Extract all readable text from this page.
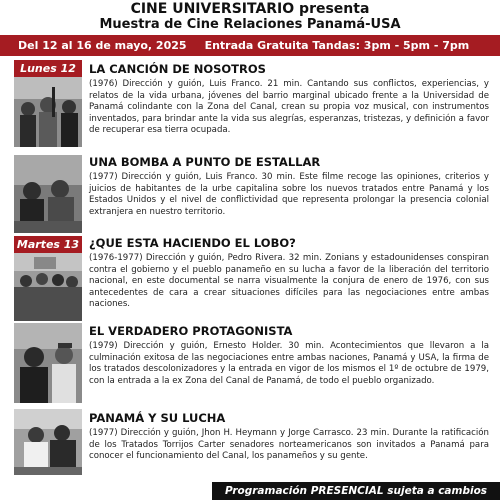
CINE UNIVERSITARIO presenta
Muestra de Cine Relaciones Panamá-USA
Del 12 al 16 de mayo, 2025 Entrada Gratuita Tandas: 3pm - 5pm - 7pm
Lunes 12	LA CANCIÓN DE NOSOTROS
(1976) Dirección y guión, Luis Franco. 21 min. Cantando sus conflictos, experiencias, y relatos de la vida urbana, jóvenes del barrio marginal ubicado frente a la Universidad de Panamá colindante con la Zona del Canal, crean su propia voz musical, con instrumentos inventados, para brindar ante la vida sus alegrías, esperanzas, tristezas, y definición a favor de recuperar esa tierra ocupada.
UNA BOMBA A PUNTO DE ESTALLAR
(1977) Dirección y guión, Luis Franco. 30 min. Este filme recoge las opiniones, criterios y juicios de habitantes de la urbe capitalina sobre los nuevos tratados entre Panamá y los Estados Unidos y el nivel de conflictividad que representa prolongar la presencia colonial extranjera en nuestro territorio.
Martes 13 ¿QUE ESTA HACIENDO EL LOBO?
(1976-1977) Dirección y guión, Pedro Rivera. 32 min. Zonians y estadounidenses conspiran contra el gobierno y el pueblo panameño en su lucha a favor de la liberación del territorio nacional, en este documental se narra visualmente la conjura de enero de 1976, con sus antecedentes de cara a crear situaciones difíciles para las negociaciones entre ambas naciones.
EL VERDADERO PROTAGONISTA
(1979) Dirección y guión, Ernesto Holder. 30 min. Acontecimientos que llevaron a la culminación exitosa de las negociaciones entre ambas naciones, Panamá y USA, la firma de los tratados descolonizadores y la entrada en vigor de los mismos el 1º de octubre de 1979, con la entrada a la ex Zona del Canal de Panamá, de todo el pueblo organizado.
PANAMÁ Y SU LUCHA
(1977) Dirección y guión, Jhon H. Heymann y Jorge Carrasco. 23 min. Durante la ratificación de los Tratados Torrijos Carter senadores norteamericanos son invitados a Panamá para conocer el funcionamiento del Canal, los panameños y su gente.
Programación PRESENCIAL sujeta a cambios
